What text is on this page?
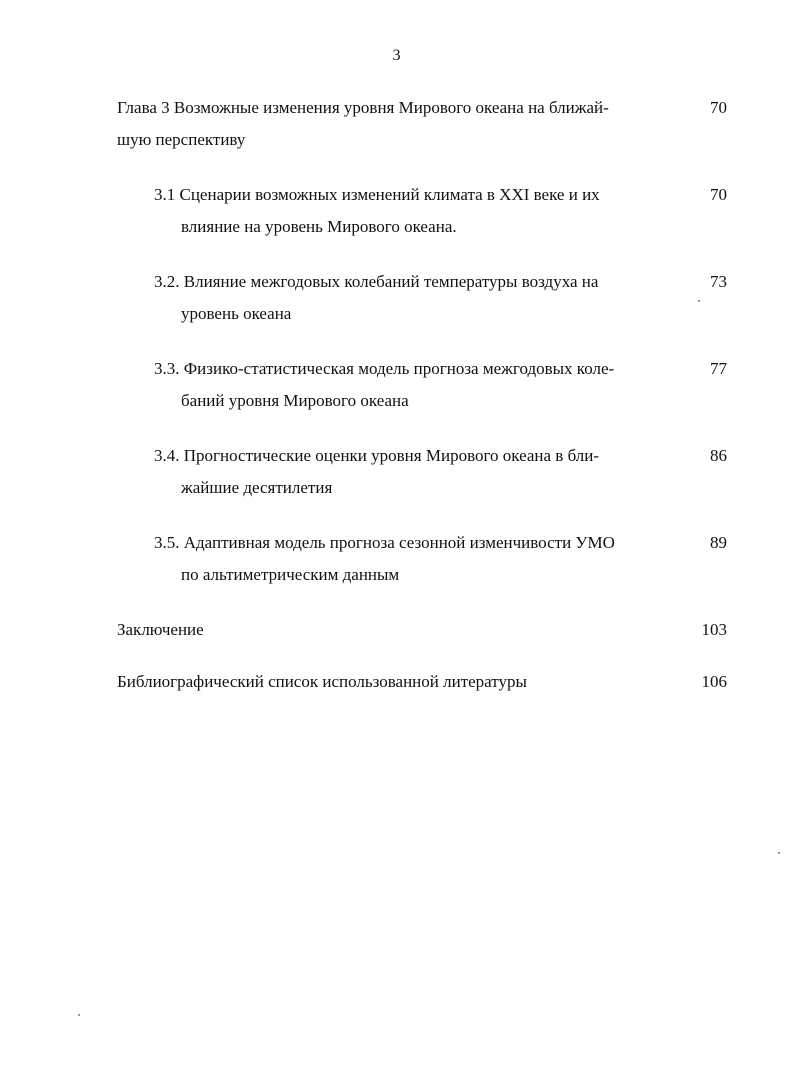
3
Глава 3 Возможные изменения уровня Мирового океана на ближай-
шую перспективу
70
3.1 Сценарии возможных изменений климата в XXI веке и их
влияние на уровень Мирового океана.
70
3.2. Влияние межгодовых колебаний температуры воздуха на
уровень океана
73
3.3. Физико-статистическая модель прогноза межгодовых коле-
баний уровня Мирового океана
77
3.4. Прогностические оценки уровня Мирового океана в бли-
жайшие десятилетия
86
3.5. Адаптивная модель прогноза сезонной изменчивости УМО
по альтиметрическим данным
89
Заключение	103
Библиографический список использованной литературы	106
